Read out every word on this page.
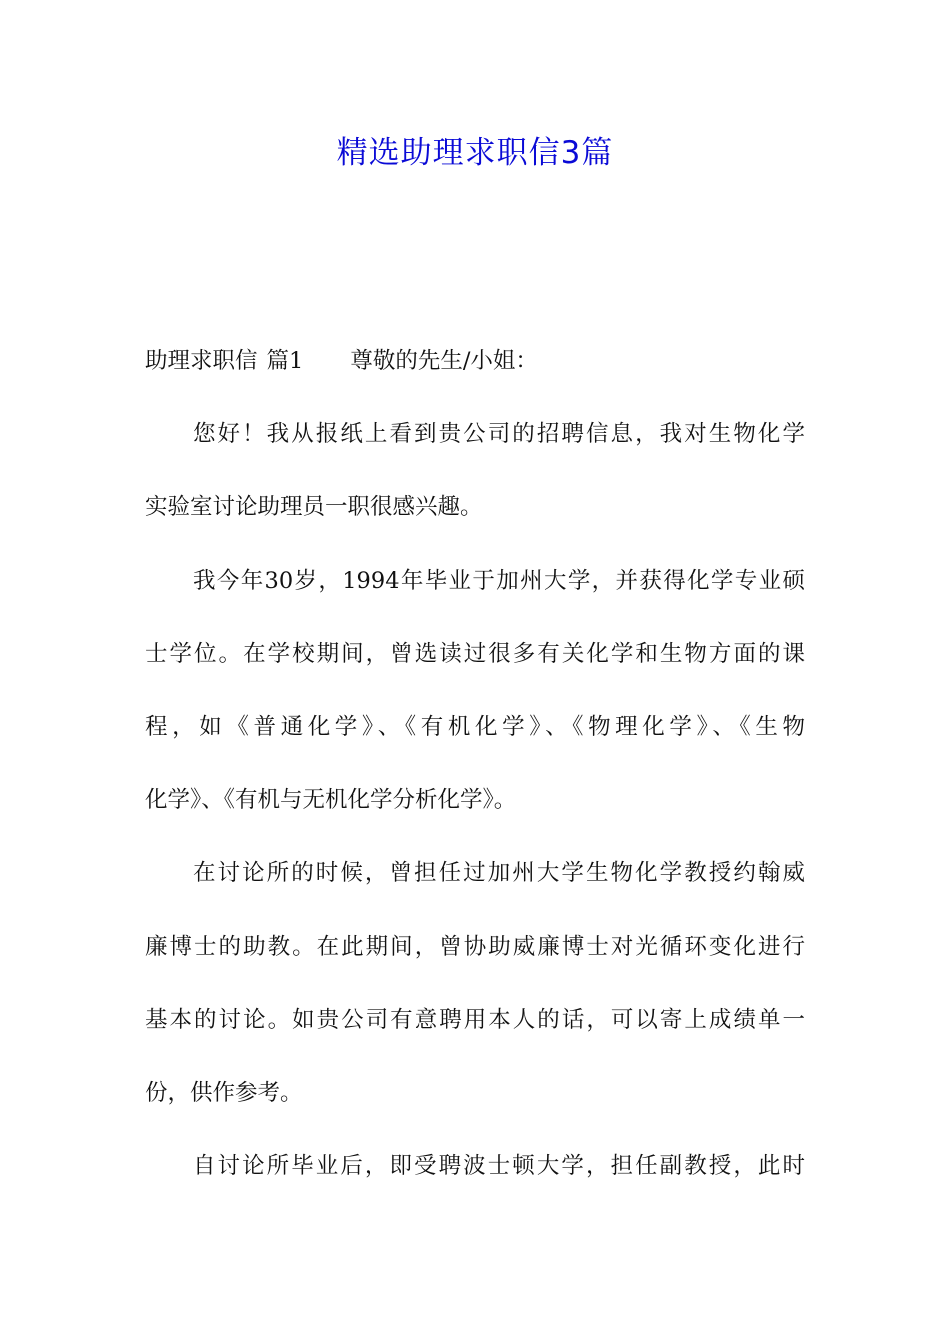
精选助理求职信3篇
助理求职信 篇1 尊敬的先生/小姐：
您好！我从报纸上看到贵公司的招聘信息，我对生物化学
实验室讨论助理员一职很感兴趣。
我今年30岁，1994年毕业于加州大学，并获得化学专业硕
士学位。在学校期间，曾选读过很多有关化学和生物方面的课
程，如《普通化学》、《有机化学》、《物理化学》、《生物
化学》、《有机与无机化学分析化学》。
在讨论所的时候，曾担任过加州大学生物化学教授约翰威
廉博士的助教。在此期间，曾协助威廉博士对光循环变化进行
基本的讨论。如贵公司有意聘用本人的话，可以寄上成绩单一
份，供作参考。
自讨论所毕业后，即受聘波士顿大学，担任副教授，此时
